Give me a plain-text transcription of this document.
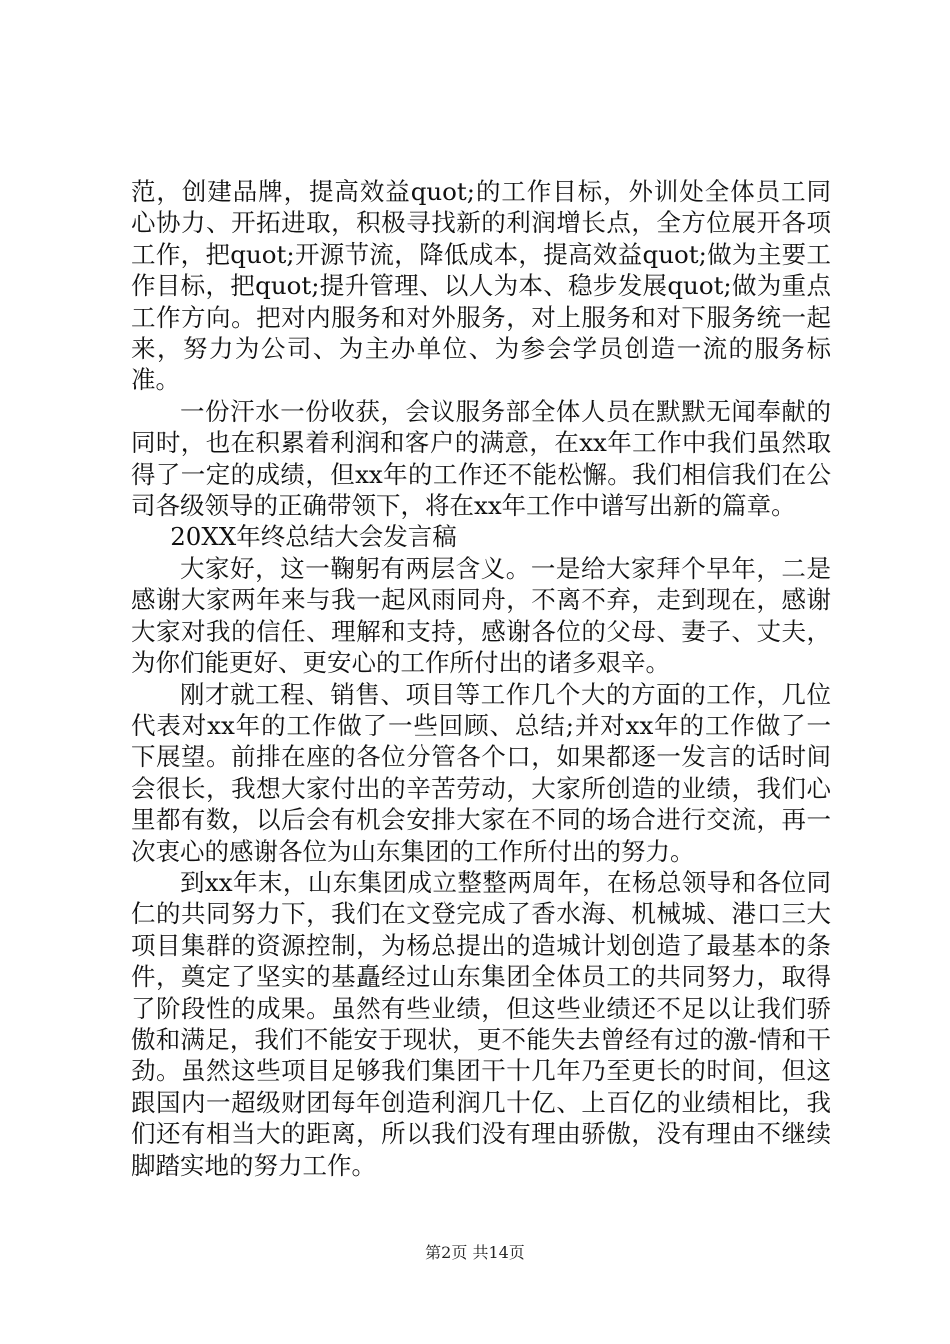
范，创建品牌，提高效益quot;的工作目标，外训处全体员工同心协力、开拓进取，积极寻找新的利润增长点，全方位展开各项工作，把quot;开源节流，降低成本，提高效益quot;做为主要工作目标，把quot;提升管理、以人为本、稳步发展quot;做为重点工作方向。把对内服务和对外服务，对上服务和对下服务统一起来，努力为公司、为主办单位、为参会学员创造一流的服务标准。

一份汗水一份收获，会议服务部全体人员在默默无闻奉献的同时，也在积累着利润和客户的满意，在xx年工作中我们虽然取得了一定的成绩，但xx年的工作还不能松懈。我们相信我们在公司各级领导的正确带领下，将在xx年工作中谱写出新的篇章。

20XX年终总结大会发言稿

大家好，这一鞠躬有两层含义。一是给大家拜个早年，二是感谢大家两年来与我一起风雨同舟，不离不弃，走到现在，感谢大家对我的信任、理解和支持，感谢各位的父母、妻子、丈夫，为你们能更好、更安心的工作所付出的诸多艰辛。

刚才就工程、销售、项目等工作几个大的方面的工作，几位代表对xx年的工作做了一些回顾、总结;并对xx年的工作做了一下展望。前排在座的各位分管各个口，如果都逐一发言的话时间会很长，我想大家付出的辛苦劳动，大家所创造的业绩，我们心里都有数，以后会有机会安排大家在不同的场合进行交流，再一次衷心的感谢各位为山东集团的工作所付出的努力。

到xx年末，山东集团成立整整两周年，在杨总领导和各位同仁的共同努力下，我们在文登完成了香水海、机械城、港口三大项目集群的资源控制，为杨总提出的造城计划创造了最基本的条件，奠定了坚实的基矗经过山东集团全体员工的共同努力，取得了阶段性的成果。虽然有些业绩，但这些业绩还不足以让我们骄傲和满足，我们不能安于现状，更不能失去曾经有过的激-情和干劲。虽然这些项目足够我们集团干十几年乃至更长的时间，但这跟国内一超级财团每年创造利润几十亿、上百亿的业绩相比，我们还有相当大的距离，所以我们没有理由骄傲，没有理由不继续脚踏实地的努力工作。

第2页 共14页
